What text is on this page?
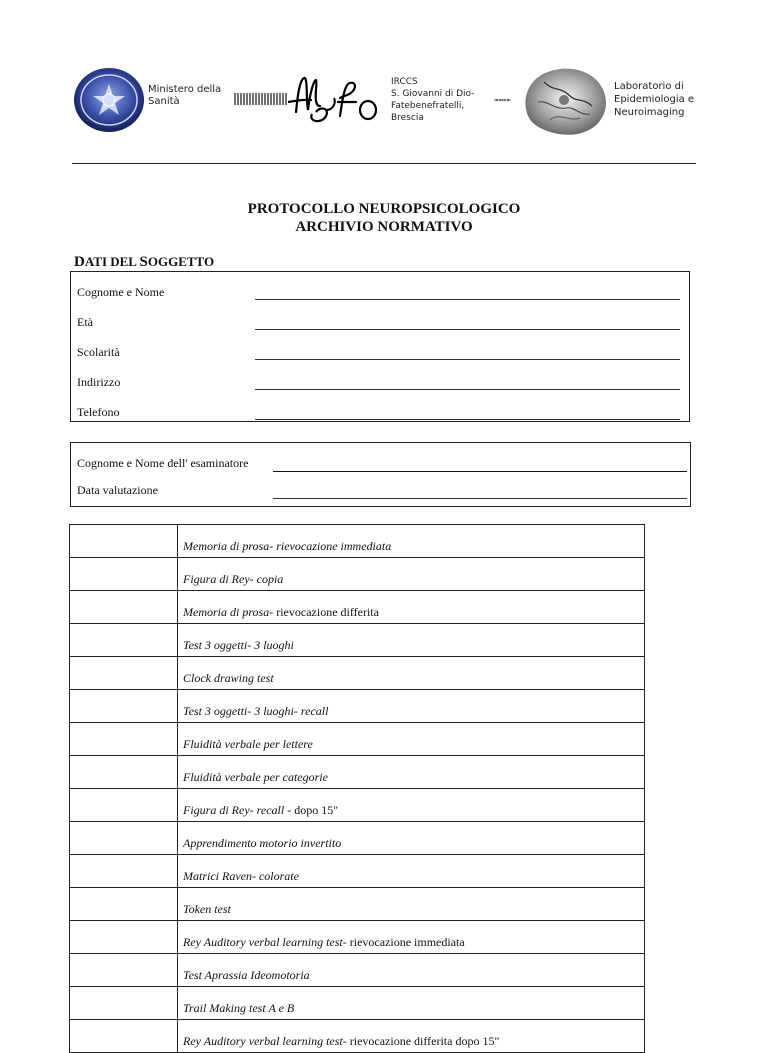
Ministero della
Sanità
IRCCS
S. Giovanni di Dio-
Fatebenefratelli,
Brescia
""""""
Laboratorio di
Epidemiologia e
Neuroimaging
PROTOCOLLO NEUROPSICOLOGICO
ARCHIVIO NORMATIVO
DATI DEL SOGGETTO
Cognome e Nome
Età
Scolarità
Indirizzo
Telefono
Cognome e Nome dell' esaminatore
Data valutazione
	Memoria di prosa- rievocazione immediata
	Figura di Rey- copia
	Memoria di prosa- rievocazione differita
	Test 3 oggetti- 3 luoghi
	Clock drawing test
	Test 3 oggetti- 3 luoghi- recall
	Fluidità verbale per lettere
	Fluidità verbale per categorie
	Figura di Rey- recall - dopo 15"
	Apprendimento motorio invertito
	Matrici Raven- colorate
	Token test
	Rey Auditory verbal learning test- rievocazione immediata
	Test Aprassia Ideomotoria
	Trail Making test A e B
	Rey Auditory verbal learning test- rievocazione differita dopo 15"
